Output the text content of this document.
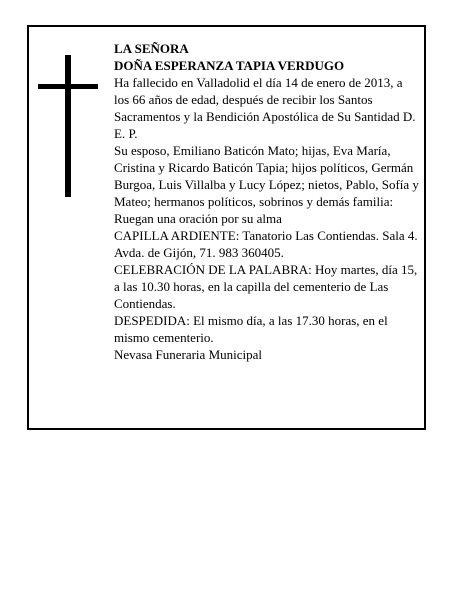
LA SEÑORA
DOÑA ESPERANZA TAPIA VERDUGO
Ha fallecido en Valladolid el día 14 de enero de 2013, a los 66 años de edad, después de recibir los Santos Sacramentos y la Bendición Apostólica de Su Santidad D. E. P.
Su esposo, Emiliano Baticón Mato; hijas, Eva María, Cristina y Ricardo Baticón Tapia; hijos políticos, Germán Burgoa, Luis Villalba y Lucy López; nietos, Pablo, Sofía y Mateo; hermanos políticos, sobrinos y demás familia:
Ruegan una oración por su alma
CAPILLA ARDIENTE: Tanatorio Las Contiendas. Sala 4. Avda. de Gijón, 71. 983 360405.
CELEBRACIÓN DE LA PALABRA: Hoy martes, día 15, a las 10.30 horas, en la capilla del cementerio de Las Contiendas.
DESPEDIDA: El mismo día, a las 17.30 horas, en el mismo cementerio.
Nevasa Funeraria Municipal
